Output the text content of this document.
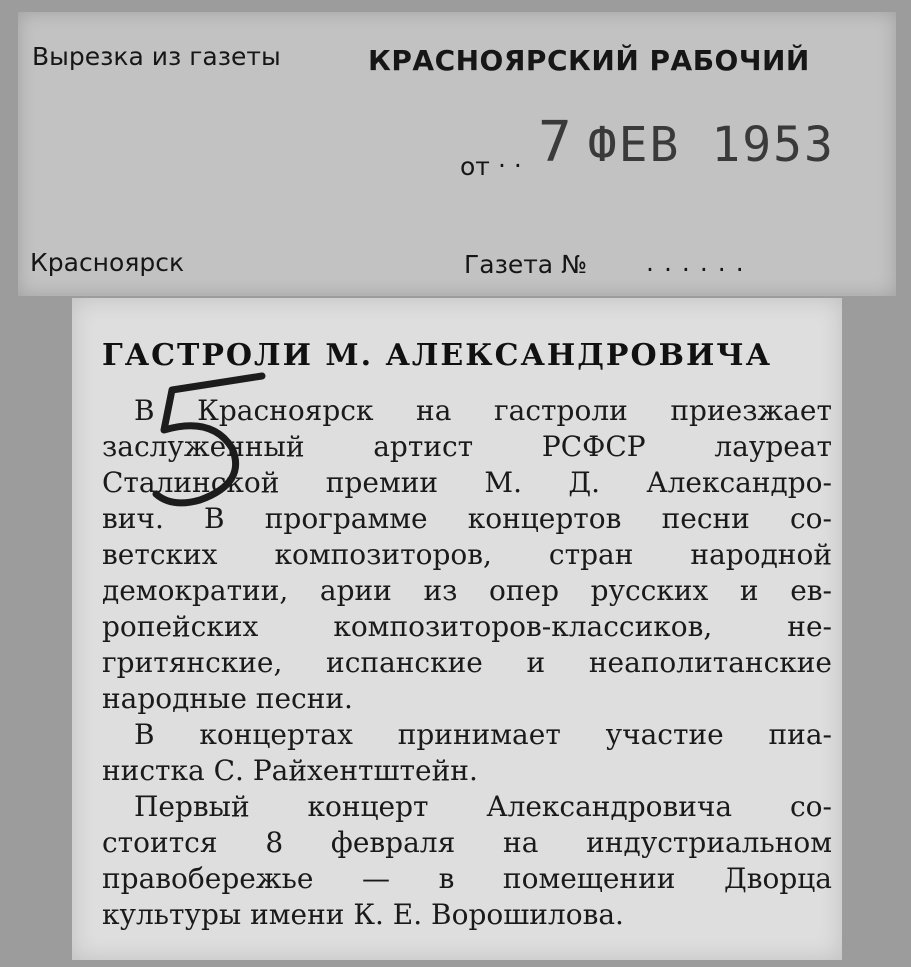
Вырезка из газеты	КРАСНОЯРСКИЙ РАБОЧИЙ
от . . 7 ФЕВ 1953
Красноярск	Газета № ......
ГАСТРОЛИ М. АЛЕКСАНДРОВИЧА
В Красноярск на гастроли приезжает
заслуженный артист РСФСР лауреат
Сталинской премии М. Д. Александро-
вич. В программе концертов песни со-
ветских композиторов, стран народной
демократии, арии из опер русских и ев-
ропейских композиторов-классиков, не-
гритянские, испанские и неаполитанские
народные песни.
В концертах принимает участие пиа-
нистка С. Райхентштейн.
Первый концерт Александровича со-
стоится 8 февраля на индустриальном
правобережье — в помещении Дворца
культуры имени К. Е. Ворошилова.
